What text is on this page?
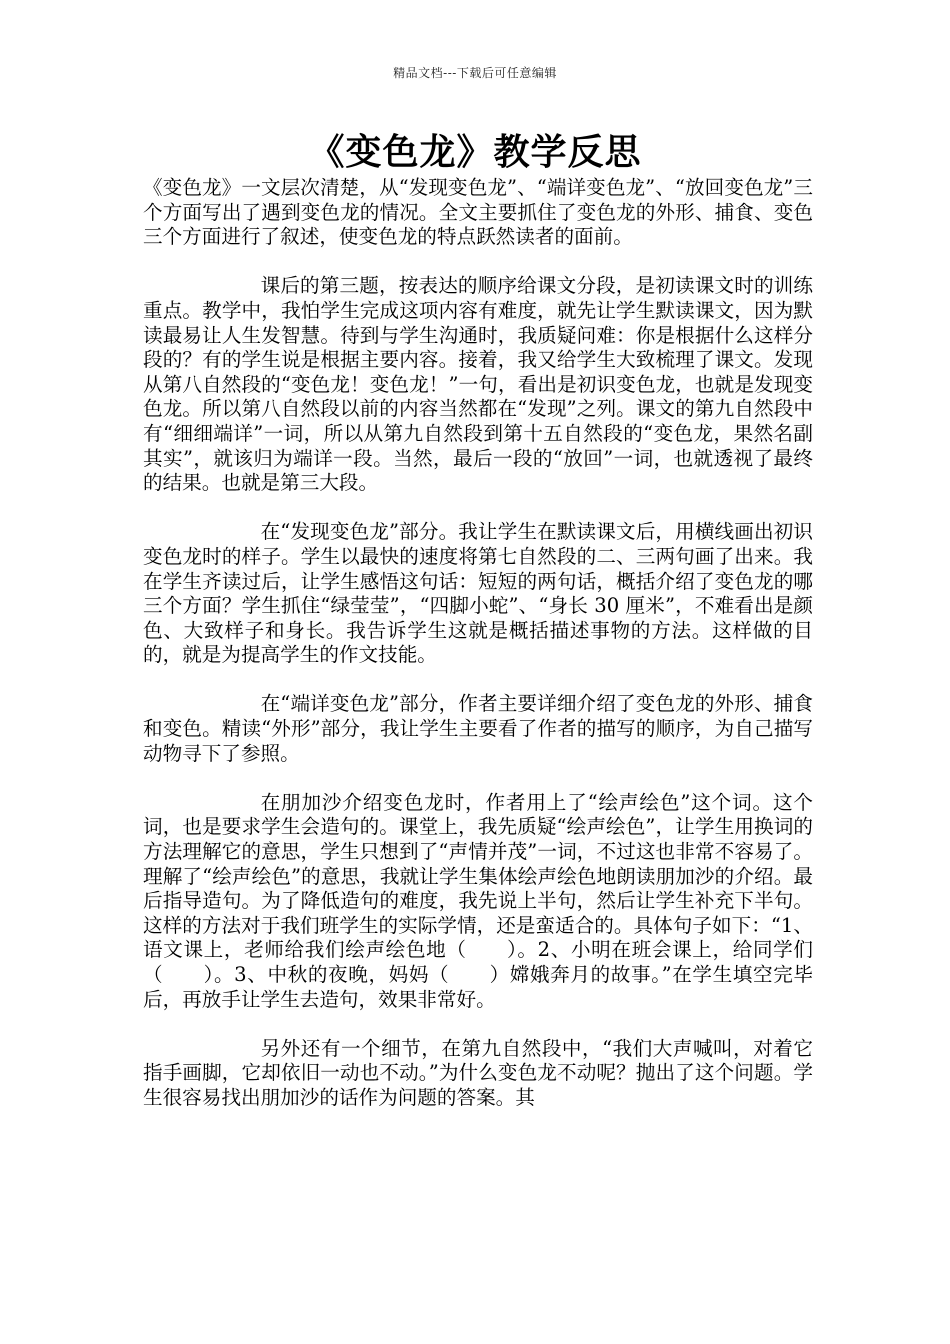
精品文档---下载后可任意编辑
《变色龙》教学反思

《变色龙》一文层次清楚，从“发现变色龙”、“端详变色龙”、“放回变色龙”三个方面写出了遇到变色龙的情况。全文主要抓住了变色龙的外形、捕食、变色三个方面进行了叙述，使变色龙的特点跃然读者的面前。

课后的第三题，按表达的顺序给课文分段，是初读课文时的训练重点。教学中，我怕学生完成这项内容有难度，就先让学生默读课文，因为默读最易让人生发智慧。待到与学生沟通时，我质疑问难：你是根据什么这样分段的？有的学生说是根据主要内容。接着，我又给学生大致梳理了课文。发现从第八自然段的“变色龙！变色龙！”一句，看出是初识变色龙，也就是发现变色龙。所以第八自然段以前的内容当然都在“发现”之列。课文的第九自然段中有“细细端详”一词，所以从第九自然段到第十五自然段的“变色龙，果然名副其实”，就该归为端详一段。当然，最后一段的“放回”一词，也就透视了最终的结果。也就是第三大段。

在“发现变色龙”部分。我让学生在默读课文后，用横线画出初识变色龙时的样子。学生以最快的速度将第七自然段的二、三两句画了出来。我在学生齐读过后，让学生感悟这句话：短短的两句话，概括介绍了变色龙的哪三个方面？学生抓住“绿莹莹”，“四脚小蛇”、“身长 30 厘米”，不难看出是颜色、大致样子和身长。我告诉学生这就是概括描述事物的方法。这样做的目的，就是为提高学生的作文技能。

在“端详变色龙”部分，作者主要详细介绍了变色龙的外形、捕食和变色。精读“外形”部分，我让学生主要看了作者的描写的顺序，为自己描写动物寻下了参照。

在朋加沙介绍变色龙时，作者用上了“绘声绘色”这个词。这个词，也是要求学生会造句的。课堂上，我先质疑“绘声绘色”，让学生用换词的方法理解它的意思，学生只想到了“声情并茂”一词，不过这也非常不容易了。理解了“绘声绘色”的意思，我就让学生集体绘声绘色地朗读朋加沙的介绍。最后指导造句。为了降低造句的难度，我先说上半句，然后让学生补充下半句。这样的方法对于我们班学生的实际学情，还是蛮适合的。具体句子如下：“1、语文课上，老师给我们绘声绘色地（　　）。2、小明在班会课上，给同学们（　　）。3、中秋的夜晚，妈妈（　　）嫦娥奔月的故事。”在学生填空完毕后，再放手让学生去造句，效果非常好。

另外还有一个细节，在第九自然段中，“我们大声喊叫，对着它指手画脚，它却依旧一动也不动。”为什么变色龙不动呢？抛出了这个问题。学生很容易找出朋加沙的话作为问题的答案。其
